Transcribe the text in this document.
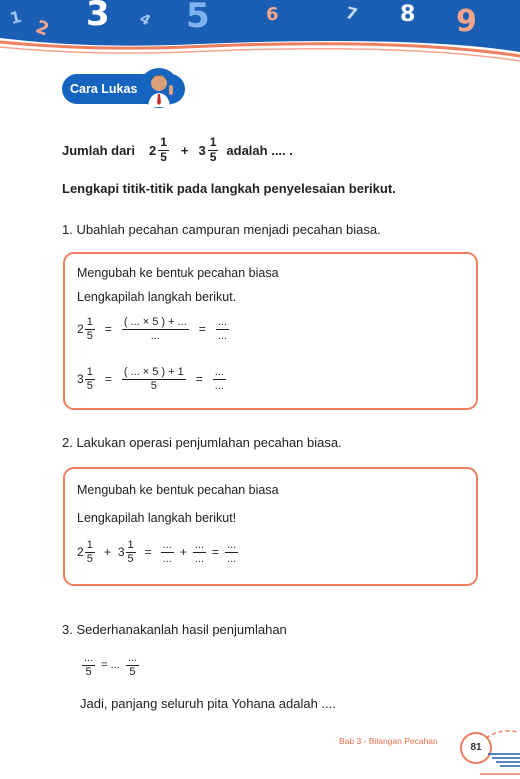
1 2 3 4 5	6	7 8 9
Cara Lukas
Jumlah dari $2 \frac{1}{5} + 3 \frac{1}{5}$ adalah .... .
Lengkapi titik-titik pada langkah penyelesaian berikut.
1. Ubahlah pecahan campuran menjadi pecahan biasa.
Mengubah ke bentuk pecahan biasa
Lengkapilah langkah berikut.
$2 \frac{1}{5} = \frac{( ... \times 5 ) + ...}{...} = \frac{...}{...}$
$3 \frac{1}{5} = \frac{( ... \times 5 ) + 1}{5} = \frac{...}{...}$
2. Lakukan operasi penjumlahan pecahan biasa.
Mengubah ke bentuk pecahan biasa
Lengkapilah langkah berikut!
$2 \frac{1}{5} + 3 \frac{1}{5} = \frac{...}{...} + \frac{...}{...} = \frac{...}{...}$
3. Sederhanakanlah hasil penjumlahan
$\frac{...}{5}$ = ... $\frac{...}{5}$
Jadi, panjang seluruh pita Yohana adalah ....
Bab 3 - Bilangan Pecahan
81
